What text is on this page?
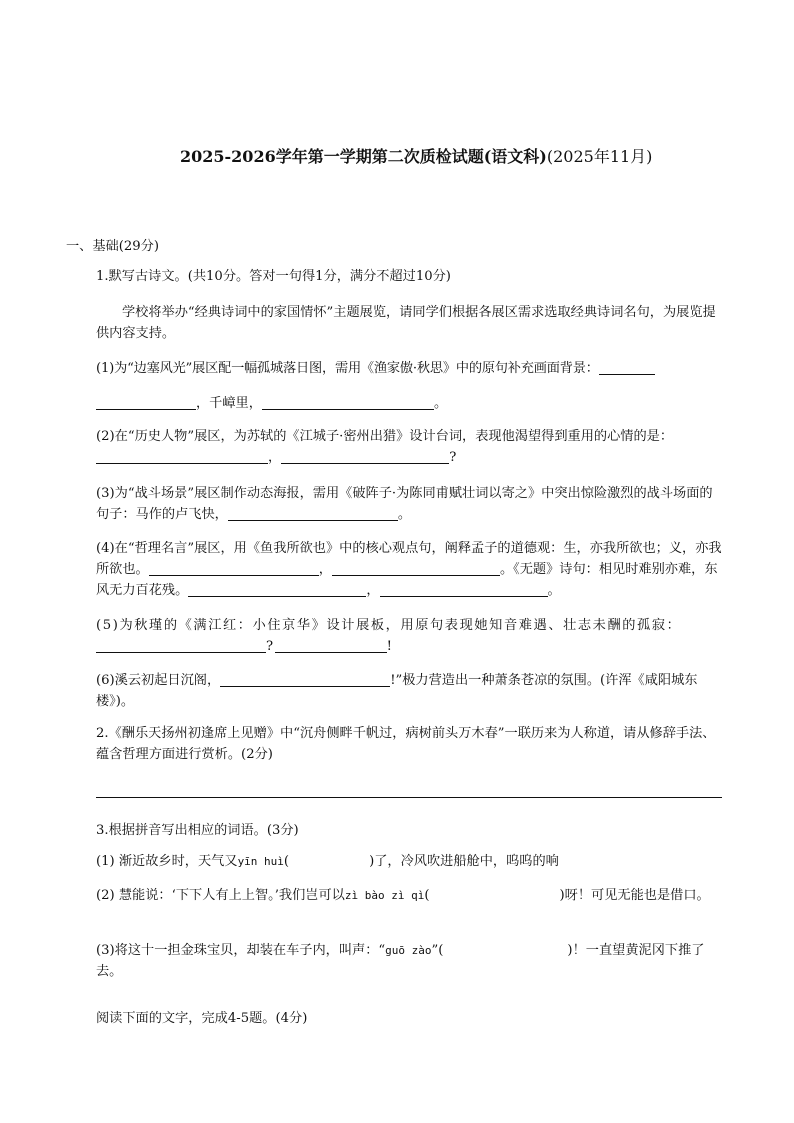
2025-2026学年第一学期第二次质检试题(语文科)(2025年11月)

一、基础(29分)

1.默写古诗文。(共10分。答对一句得1分，满分不超过10分)

学校将举办“经典诗词中的家国情怀”主题展览，请同学们根据各展区需求选取经典诗词名句，为展览提供内容支持。

(1)为“边塞风光”展区配一幅孤城落日图，需用《渔家傲·秋思》中的原句补充画面背景：

，千嶂里，	。

(2)在“历史人物”展区，为苏轼的《江城子·密州出猎》设计台词，表现他渴望得到重用的心情的是：，	?

(3)为“战斗场景”展区制作动态海报，需用《破阵子·为陈同甫赋壮词以寄之》中突出惊险激烈的战斗场面的句子：马作的卢飞快，	。

(4)在“哲理名言”展区，用《鱼我所欲也》中的核心观点句，阐释孟子的道德观：生，亦我所欲也；义，亦我所欲也。	，	。《无题》诗句：相见时难别亦难，东风无力百花残。	，	。

(5)为秋瑾的《满江红：小住京华》设计展板，用原句表现她知音难遇、壮志未酬的孤寂：?	!

(6)溪云初起日沉阁，	!”极力营造出一种萧条苍凉的氛围。(许浑《咸阳城东楼》)。

2.《酬乐天扬州初逢席上见赠》中“沉舟侧畔千帆过，病树前头万木春”一联历来为人称道，请从修辞手法、蕴含哲理方面进行赏析。(2分)

3.根据拼音写出相应的词语。(3分)

(1) 渐近故乡时，天气又yīn huì(	)了，冷风吹进船舱中，呜呜的响

(2) 慧能说：‘下下人有上上智。’我们岂可以zì bào zì qì(	)呀！可见无能也是借口。

(3)将这十一担金珠宝贝，却装在车子内，叫声：“guō zào”(	)！一直望黄泥冈下推了去。

阅读下面的文字，完成4-5题。(4分)
